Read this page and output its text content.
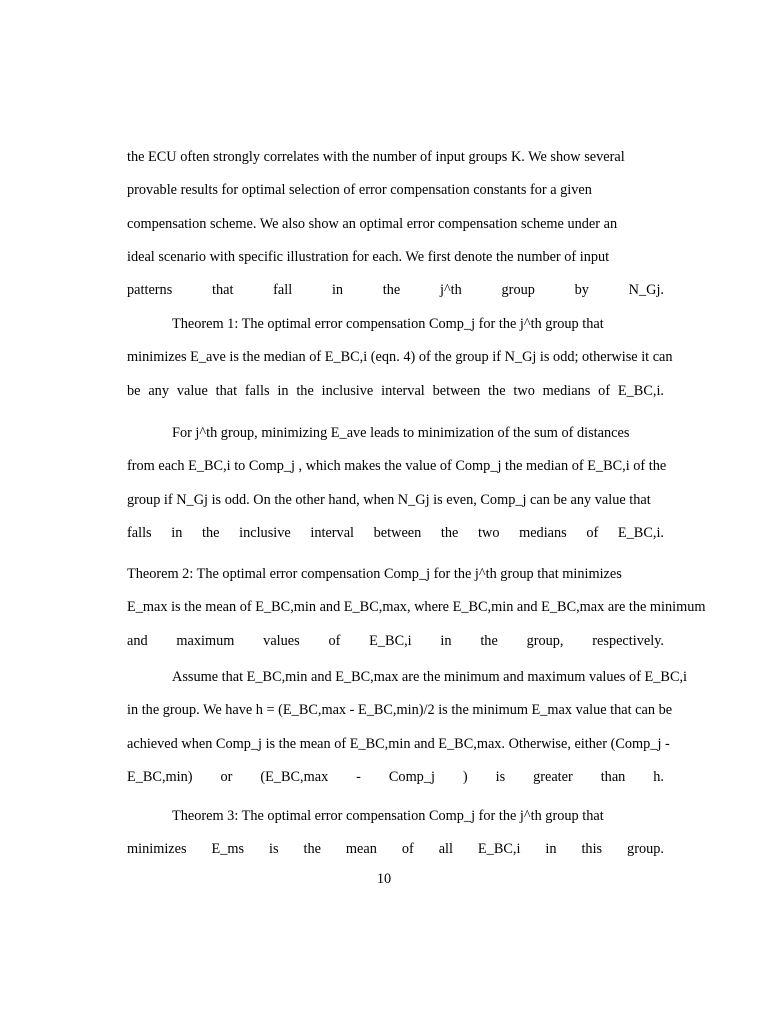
the ECU often strongly correlates with the number of input groups K. We show several
provable results for optimal selection of error compensation constants for a given
compensation scheme. We also show an optimal error compensation scheme under an
ideal scenario with specific illustration for each. We first denote the number of input
patterns that fall in the j^th group by N_Gj.
Theorem 1: The optimal error compensation Comp_j for the j^th group that
minimizes E_ave is the median of E_BC,i (eqn. 4) of the group if N_Gj is odd; otherwise it can
be any value that falls in the inclusive interval between the two medians of E_BC,i.
For j^th group, minimizing E_ave leads to minimization of the sum of distances
from each E_BC,i to Comp_j , which makes the value of Comp_j the median of E_BC,i of the
group if N_Gj is odd. On the other hand, when N_Gj is even, Comp_j can be any value that
falls in the inclusive interval between the two medians of E_BC,i.
Theorem 2: The optimal error compensation Comp_j for the j^th group that minimizes
E_max is the mean of E_BC,min and E_BC,max, where E_BC,min and E_BC,max are the minimum
and maximum values of E_BC,i in the group, respectively.
Assume that E_BC,min and E_BC,max are the minimum and maximum values of E_BC,i
in the group. We have h = (E_BC,max - E_BC,min)/2 is the minimum E_max value that can be
achieved when Comp_j is the mean of E_BC,min and E_BC,max. Otherwise, either (Comp_j -
E_BC,min) or (E_BC,max - Comp_j ) is greater than h.
Theorem 3: The optimal error compensation Comp_j for the j^th group that
minimizes E_ms is the mean of all E_BC,i in this group.
10
